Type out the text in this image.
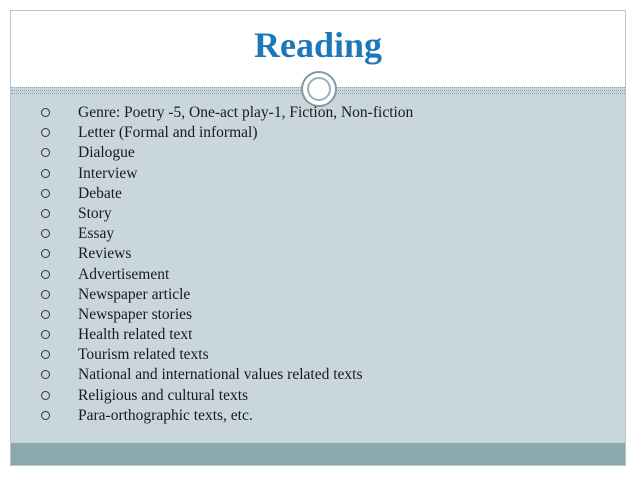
Reading
Genre: Poetry -5, One-act play-1, Fiction, Non-fiction
Letter (Formal and informal)
Dialogue
Interview
Debate
Story
Essay
Reviews
Advertisement
Newspaper article
Newspaper stories
Health related text
Tourism related texts
National and international values related texts
Religious and cultural texts
Para-orthographic texts, etc.
